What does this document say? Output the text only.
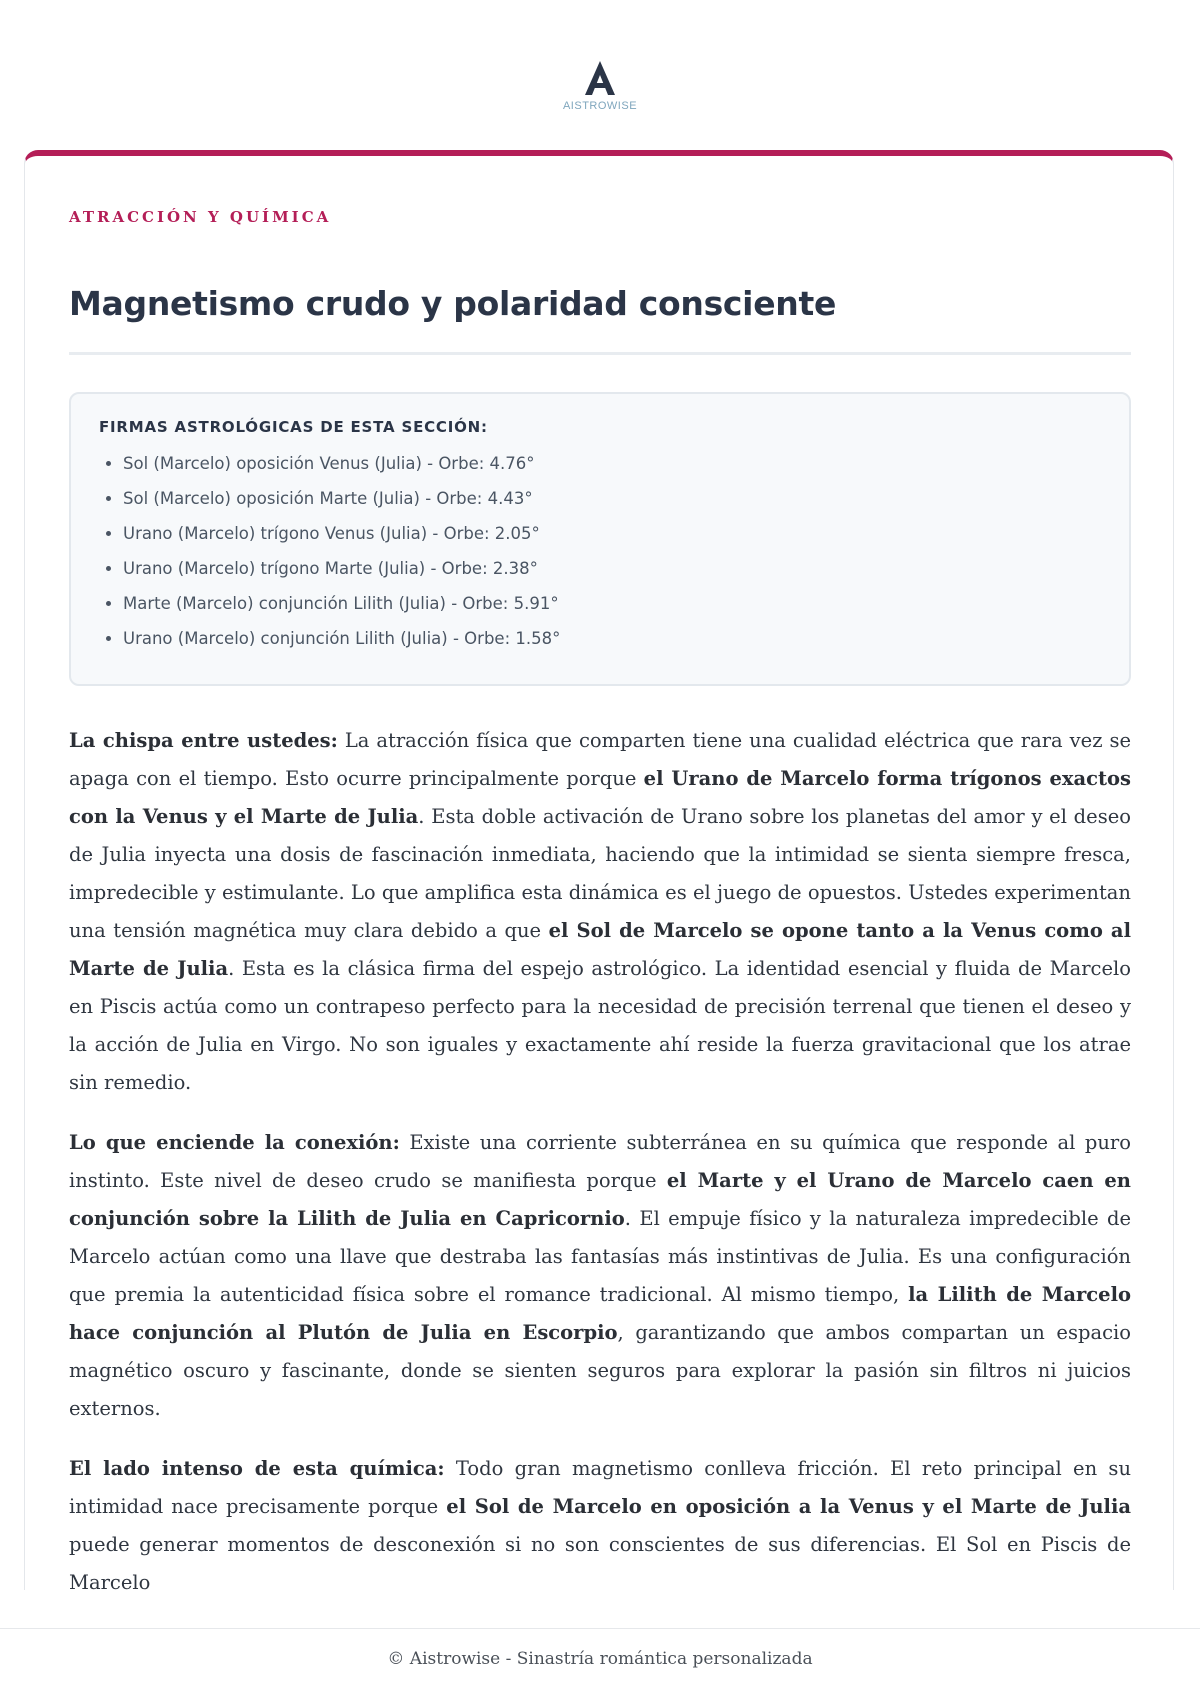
AISTROWISE

ATRACCIÓN Y QUÍMICA

Magnetismo crudo y polaridad consciente

FIRMAS ASTROLÓGICAS DE ESTA SECCIÓN:

• Sol (Marcelo) oposición Venus (Julia) - Orbe: 4.76°
• Sol (Marcelo) oposición Marte (Julia) - Orbe: 4.43°
• Urano (Marcelo) trígono Venus (Julia) - Orbe: 2.05°
• Urano (Marcelo) trígono Marte (Julia) - Orbe: 2.38°
• Marte (Marcelo) conjunción Lilith (Julia) - Orbe: 5.91°
• Urano (Marcelo) conjunción Lilith (Julia) - Orbe: 1.58°

La chispa entre ustedes: La atracción física que comparten tiene una cualidad eléctrica que rara vez se apaga con el tiempo. Esto ocurre principalmente porque el Urano de Marcelo forma trígonos exactos con la Venus y el Marte de Julia. Esta doble activación de Urano sobre los planetas del amor y el deseo de Julia inyecta una dosis de fascinación inmediata, haciendo que la intimidad se sienta siempre fresca, impredecible y estimulante. Lo que amplifica esta dinámica es el juego de opuestos. Ustedes experimentan una tensión magnética muy clara debido a que el Sol de Marcelo se opone tanto a la Venus como al Marte de Julia. Esta es la clásica firma del espejo astrológico. La identidad esencial y fluida de Marcelo en Piscis actúa como un contrapeso perfecto para la necesidad de precisión terrenal que tienen el deseo y la acción de Julia en Virgo. No son iguales y exactamente ahí reside la fuerza gravitacional que los atrae sin remedio.

Lo que enciende la conexión: Existe una corriente subterránea en su química que responde al puro instinto. Este nivel de deseo crudo se manifiesta porque el Marte y el Urano de Marcelo caen en conjunción sobre la Lilith de Julia en Capricornio. El empuje físico y la naturaleza impredecible de Marcelo actúan como una llave que destraba las fantasías más instintivas de Julia. Es una configuración que premia la autenticidad física sobre el romance tradicional. Al mismo tiempo, la Lilith de Marcelo hace conjunción al Plutón de Julia en Escorpio, garantizando que ambos compartan un espacio magnético oscuro y fascinante, donde se sienten seguros para explorar la pasión sin filtros ni juicios externos.

El lado intenso de esta química: Todo gran magnetismo conlleva fricción. El reto principal en su intimidad nace precisamente porque el Sol de Marcelo en oposición a la Venus y el Marte de Julia puede generar momentos de desconexión si no son conscientes de sus diferencias. El Sol en Piscis de Marcelo

© Aistrowise - Sinastría romántica personalizada
